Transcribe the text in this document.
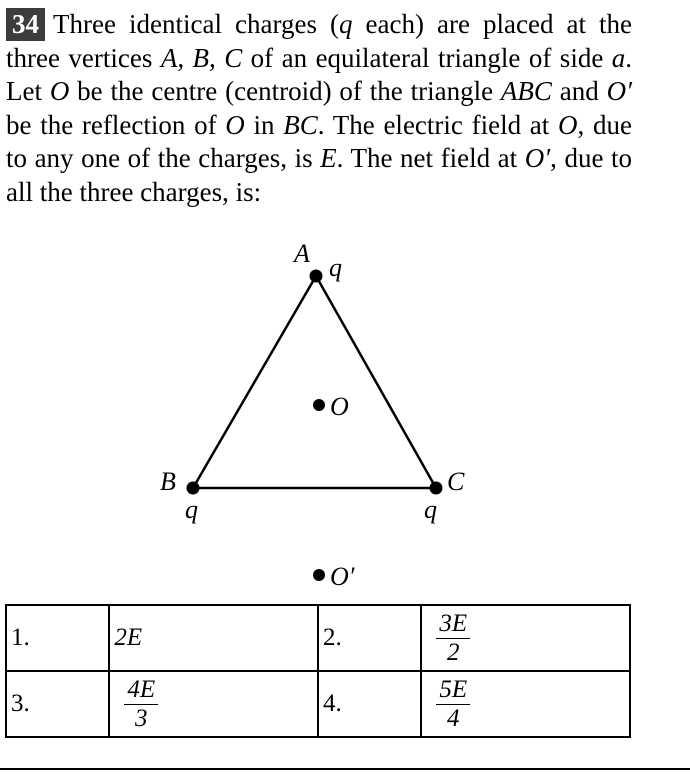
34 Three identical charges (q each) are placed at the three vertices A, B, C of an equilateral triangle of side a. Let O be the centre (centroid) of the triangle ABC and O′ be the reflection of O in BC. The electric field at O, due to any one of the charges, is E. The net field at O′, due to all the three charges, is:
A q
B
q
C
q
O
O′
1.	2E	2.	$\frac{3E}{2}$

3.	$\frac{4E}{3}$	4.	$\frac{5E}{4}$
